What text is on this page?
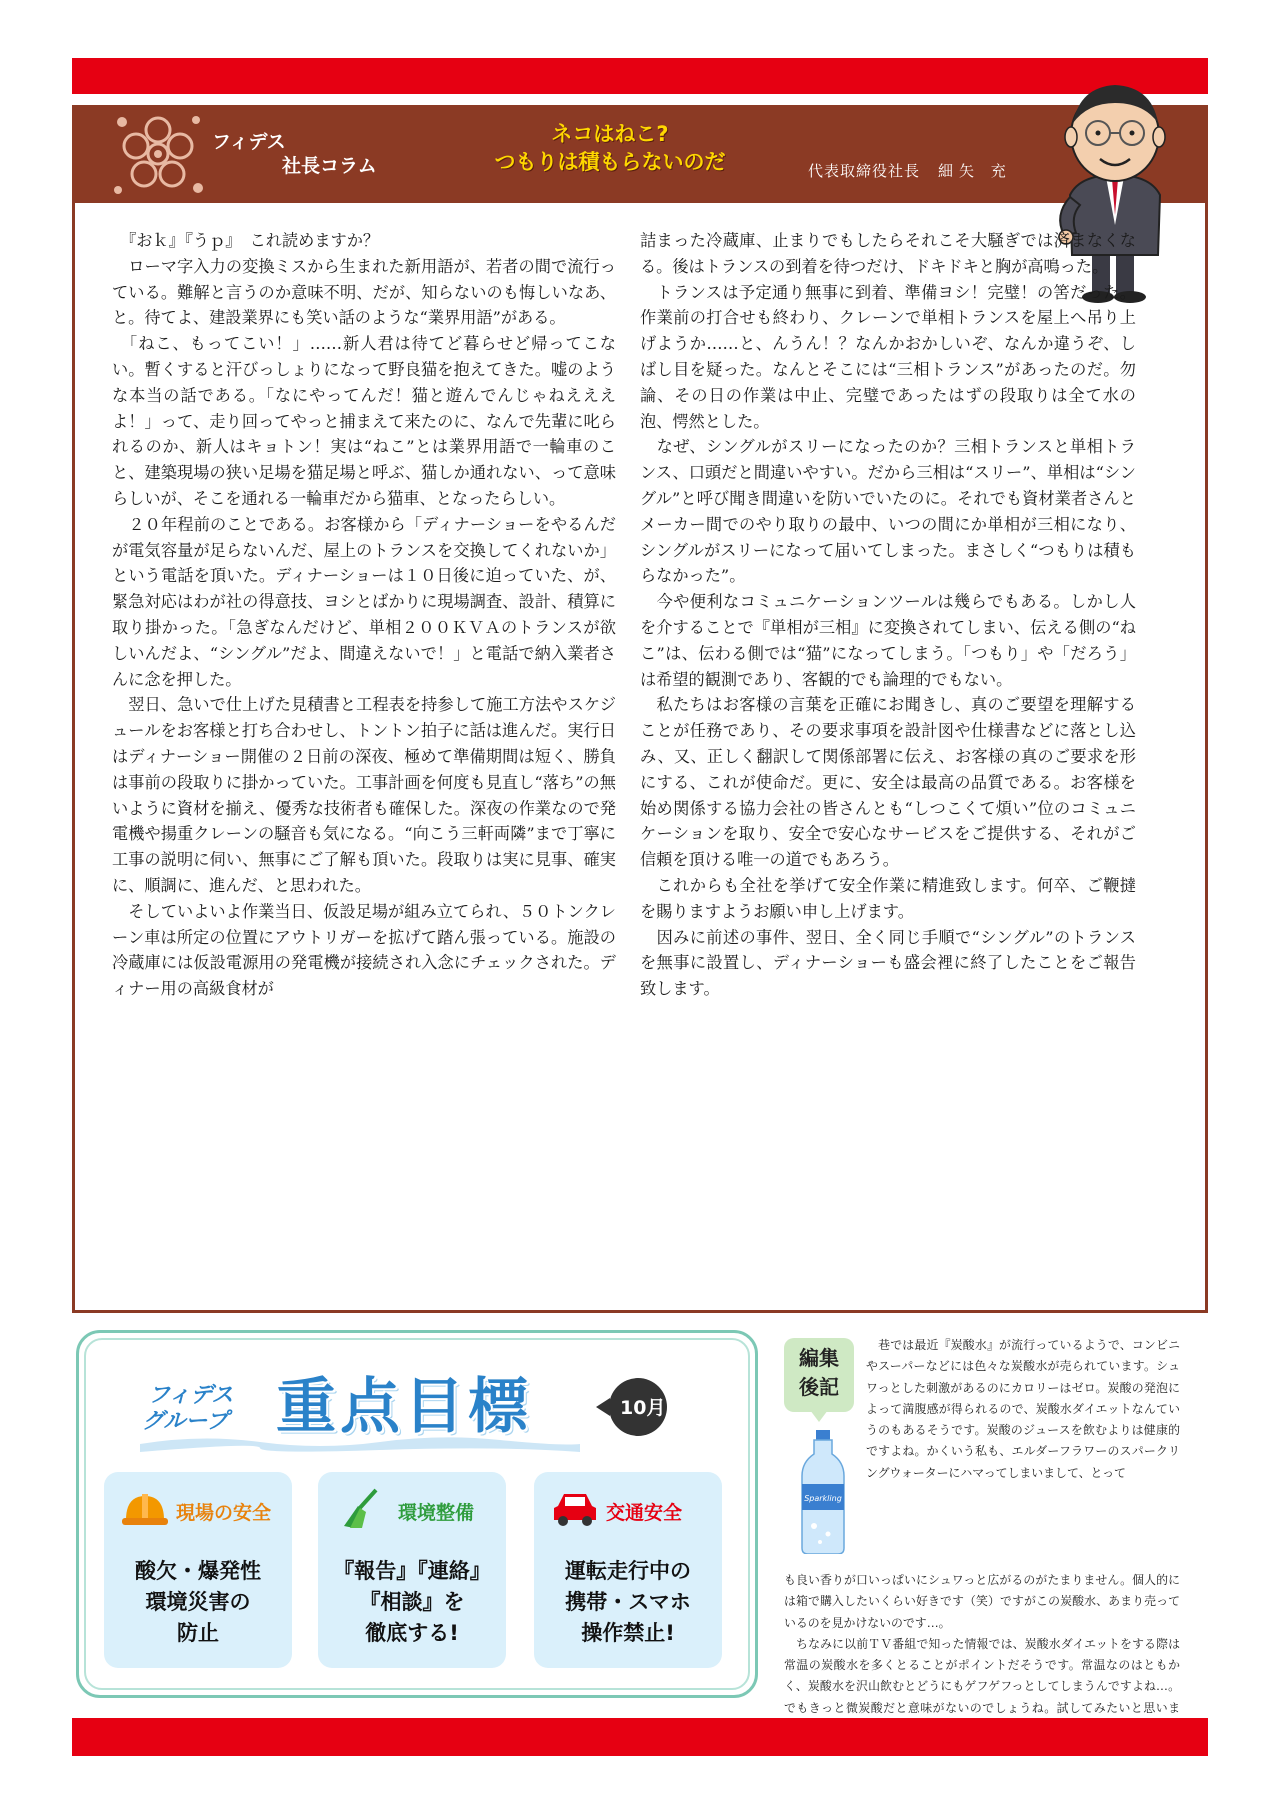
フィデス
社長コラム
ネコはねこ?
つもりは積もらないのだ	代表取締役社長 細矢 充

　『おｋ』『うｐ』　これ読めますか？

　ローマ字入力の変換ミスから生まれた新用語が、若者の間で流行っている。難解と言うのか意味不明、だが、知らないのも悔しいなあ、と。待てよ、建設業界にも笑い話のような“業界用語”がある。

　「ねこ、もってこい！」……新人君は待てど暮らせど帰ってこない。暫くすると汗びっしょりになって野良猫を抱えてきた。嘘のような本当の話である。「なにやってんだ！猫と遊んでんじゃねえええよ！」って、走り回ってやっと捕まえて来たのに、なんで先輩に叱られるのか、新人はキョトン！実は“ねこ”とは業界用語で一輪車のこと、建築現場の狭い足場を猫足場と呼ぶ、猫しか通れない、って意味らしいが、そこを通れる一輪車だから猫車、となったらしい。

　２０年程前のことである。お客様から「ディナーショーをやるんだが電気容量が足らないんだ、屋上のトランスを交換してくれないか」という電話を頂いた。ディナーショーは１０日後に迫っていた、が、緊急対応はわが社の得意技、ヨシとばかりに現場調査、設計、積算に取り掛かった。「急ぎなんだけど、単相２００ＫＶＡのトランスが欲しいんだよ、“シングル”だよ、間違えないで！」と電話で納入業者さんに念を押した。

　翌日、急いで仕上げた見積書と工程表を持参して施工方法やスケジュールをお客様と打ち合わせし、トントン拍子に話は進んだ。実行日はディナーショー開催の２日前の深夜、極めて準備期間は短く、勝負は事前の段取りに掛かっていた。工事計画を何度も見直し“落ち”の無いように資材を揃え、優秀な技術者も確保した。深夜の作業なので発電機や揚重クレーンの騒音も気になる。“向こう三軒両隣”まで丁寧に工事の説明に伺い、無事にご了解も頂いた。段取りは実に見事、確実に、順調に、進んだ、と思われた。

　そしていよいよ作業当日、仮設足場が組み立てられ、５０トンクレーン車は所定の位置にアウトリガーを拡げて踏ん張っている。施設の冷蔵庫には仮設電源用の発電機が接続され入念にチェックされた。ディナー用の高級食材が

詰まった冷蔵庫、止まりでもしたらそれこそ大騒ぎでは済まなくなる。後はトランスの到着を待つだけ、ドキドキと胸が高鳴った。

　トランスは予定通り無事に到着、準備ヨシ！完璧！の筈だった。作業前の打合せも終わり、クレーンで単相トランスを屋上へ吊り上げようか……と、んうん！？なんかおかしいぞ、なんか違うぞ、しばし目を疑った。なんとそこには“三相トランス”があったのだ。勿論、その日の作業は中止、完璧であったはずの段取りは全て水の泡、愕然とした。

　なぜ、シングルがスリーになったのか？三相トランスと単相トランス、口頭だと間違いやすい。だから三相は“スリー”、単相は“シングル”と呼び聞き間違いを防いでいたのに。それでも資材業者さんとメーカー間でのやり取りの最中、いつの間にか単相が三相になり、シングルがスリーになって届いてしまった。まさしく“つもりは積もらなかった”。

　今や便利なコミュニケーションツールは幾らでもある。しかし人を介することで『単相が三相』に変換されてしまい、伝える側の“ねこ”は、伝わる側では“猫”になってしまう。「つもり」や「だろう」は希望的観測であり、客観的でも論理的でもない。

　私たちはお客様の言葉を正確にお聞きし、真のご要望を理解することが任務であり、その要求事項を設計図や仕様書などに落とし込み、又、正しく翻訳して関係部署に伝え、お客様の真のご要求を形にする、これが使命だ。更に、安全は最高の品質である。お客様を始め関係する協力会社の皆さんとも“しつこくて煩い”位のコミュニケーションを取り、安全で安心なサービスをご提供する、それがご信頼を頂ける唯一の道でもあろう。

　これからも全社を挙げて安全作業に精進致します。何卒、ご鞭撻を賜りますようお願い申し上げます。

　因みに前述の事件、翌日、全く同じ手順で“シングル”のトランスを無事に設置し、ディナーショーも盛会裡に終了したことをご報告致します。

フィデス
グループ 重点目標	10月
現場の安全
酸欠・爆発性
環境災害の
防止
環境整備
『報告』『連絡』
『相談』を
徹底する!
交通安全
運転走行中の
携帯・スマホ
操作禁止!
編集
後記
Sparkling

　巷では最近『炭酸水』が流行っているようで、コンビニやスーパーなどには色々な炭酸水が売られています。シュワっとした刺激があるのにカロリーはゼロ。炭酸の発泡によって満腹感が得られるので、炭酸水ダイエットなんていうのもあるそうです。炭酸のジュースを飲むよりは健康的ですよね。かくいう私も、エルダーフラワーのスパークリングウォーターにハマってしまいまして、とって

も良い香りが口いっぱいにシュワっと広がるのがたまりません。個人的には箱で購入したいくらい好きです（笑）ですがこの炭酸水、あまり売っているのを見かけないのです…。

　ちなみに以前ＴＶ番組で知った情報では、炭酸水ダイエットをする際は常温の炭酸水を多くとることがポイントだそうです。常温なのはともかく、炭酸水を沢山飲むとどうにもゲフゲフっとしてしまうんですよね…。でもきっと微炭酸だと意味がないのでしょうね。試してみたいと思いま
